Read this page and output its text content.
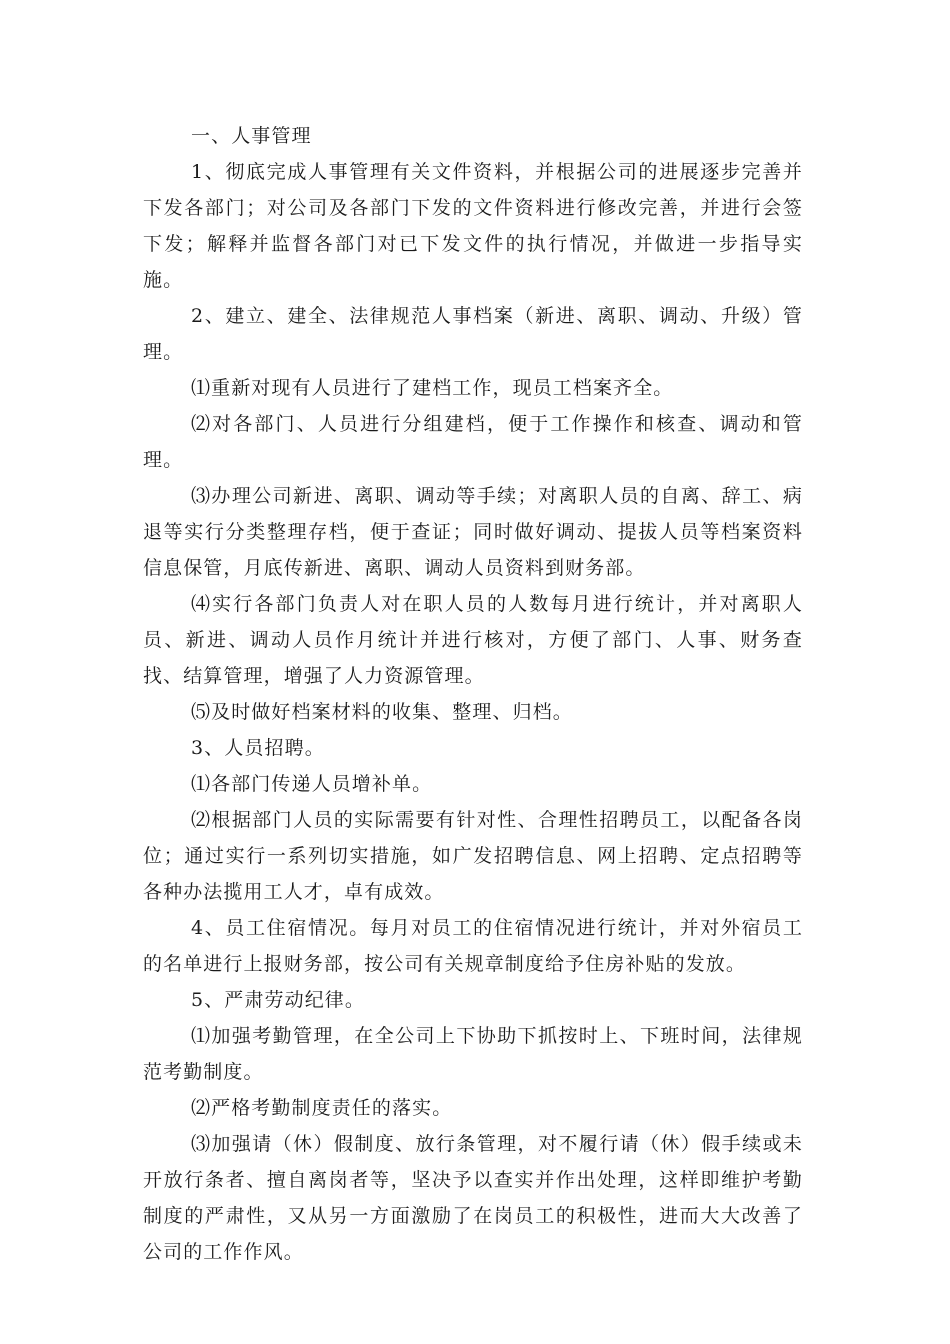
一、人事管理

1、彻底完成人事管理有关文件资料，并根据公司的进展逐步完善并下发各部门；对公司及各部门下发的文件资料进行修改完善，并进行会签下发；解释并监督各部门对已下发文件的执行情况，并做进一步指导实施。

2、建立、建全、法律规范人事档案（新进、离职、调动、升级）管理。

⑴重新对现有人员进行了建档工作，现员工档案齐全。

⑵对各部门、人员进行分组建档，便于工作操作和核查、调动和管理。

⑶办理公司新进、离职、调动等手续；对离职人员的自离、辞工、病退等实行分类整理存档，便于查证；同时做好调动、提拔人员等档案资料信息保管，月底传新进、离职、调动人员资料到财务部。

⑷实行各部门负责人对在职人员的人数每月进行统计，并对离职人员、新进、调动人员作月统计并进行核对，方便了部门、人事、财务查找、结算管理，增强了人力资源管理。

⑸及时做好档案材料的收集、整理、归档。

3、人员招聘。

⑴各部门传递人员增补单。

⑵根据部门人员的实际需要有针对性、合理性招聘员工，以配备各岗位；通过实行一系列切实措施，如广发招聘信息、网上招聘、定点招聘等各种办法揽用工人才，卓有成效。

4、员工住宿情况。每月对员工的住宿情况进行统计，并对外宿员工的名单进行上报财务部，按公司有关规章制度给予住房补贴的发放。

5、严肃劳动纪律。

⑴加强考勤管理，在全公司上下协助下抓按时上、下班时间，法律规范考勤制度。

⑵严格考勤制度责任的落实。

⑶加强请（休）假制度、放行条管理，对不履行请（休）假手续或未开放行条者、擅自离岗者等，坚决予以查实并作出处理，这样即维护考勤制度的严肃性，又从另一方面激励了在岗员工的积极性，进而大大改善了公司的工作作风。
